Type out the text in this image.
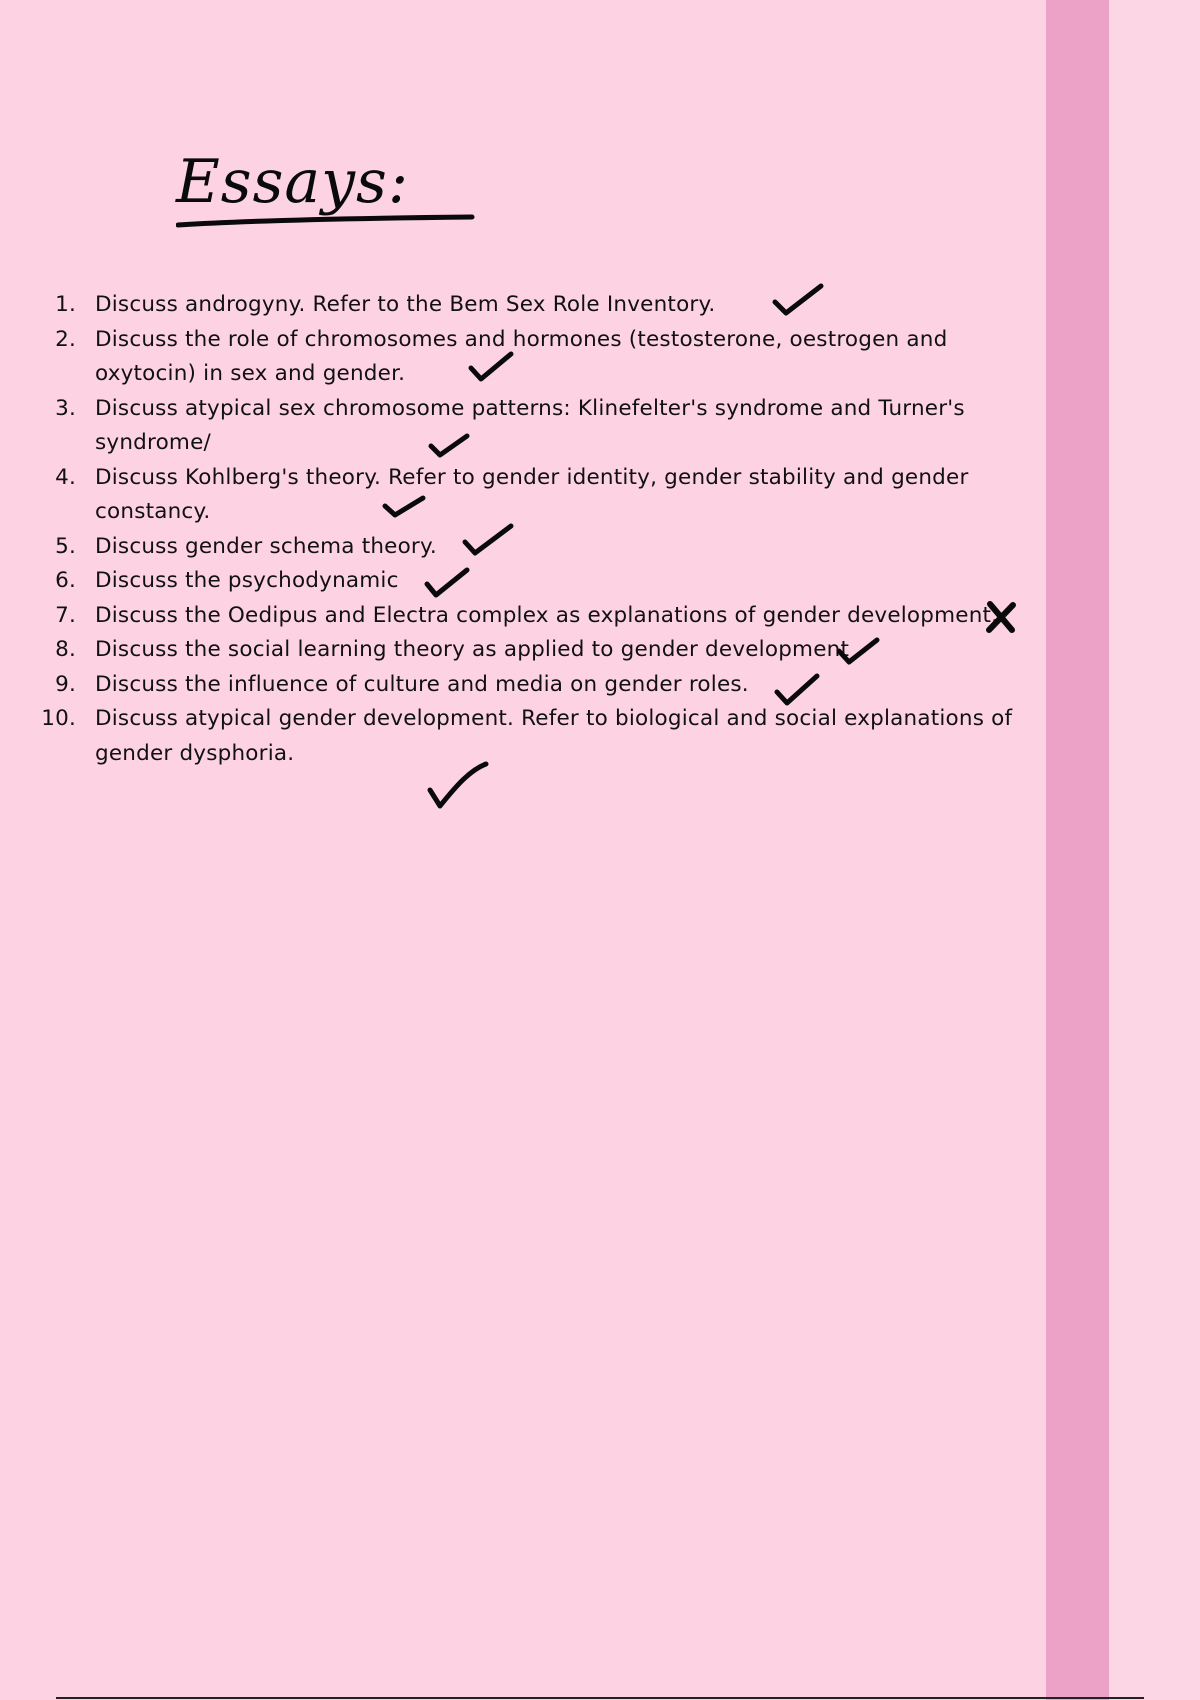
Essays:
1. Discuss androgyny. Refer to the Bem Sex Role Inventory.
2. Discuss the role of chromosomes and hormones (testosterone, oestrogen and
oxytocin) in sex and gender.
3. Discuss atypical sex chromosome patterns: Klinefelter's syndrome and Turner's
syndrome/
4. Discuss Kohlberg's theory. Refer to gender identity, gender stability and gender
constancy.
5. Discuss gender schema theory.
6. Discuss the psychodynamic
7. Discuss the Oedipus and Electra complex as explanations of gender development.
8. Discuss the social learning theory as applied to gender development
9. Discuss the influence of culture and media on gender roles.
10. Discuss atypical gender development. Refer to biological and social explanations of
gender dysphoria.
